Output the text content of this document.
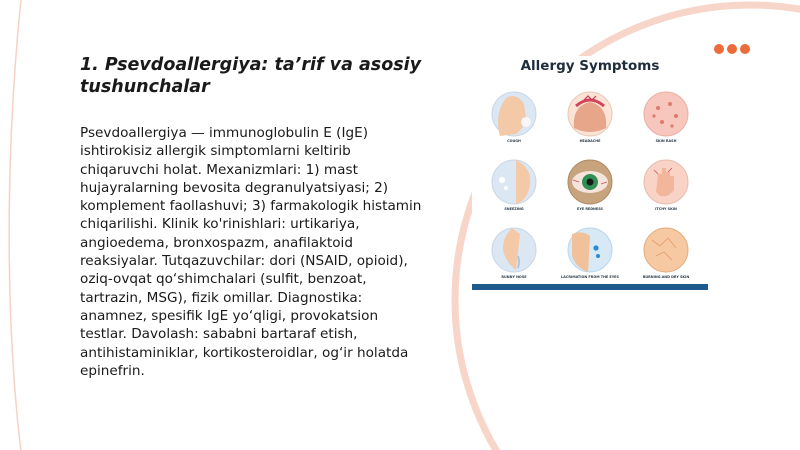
1. Psevdoallergiya: ta’rif va asosiy tushunchalar

Psevdoallergiya — immunoglobulin E (IgE) ishtirokisiz allergik simptomlarni keltirib chiqaruvchi holat. Mexanizmlari: 1) mast hujayralarning bevosita degranulyatsiyasi; 2) komplement faollashuvi; 3) farmakologik histamin chiqarilishi. Klinik ko'rinishlari: urtikariya, angioedema, bronxospazm, anafilaktoid reaksiyalar. Tutqazuvchilar: dori (NSAID, opioid), oziq-ovqat qo‘shimchalari (sulfit, benzoat, tartrazin, MSG), fizik omillar. Diagnostika: anamnez, spesifik IgE yo‘qligi, provokatsion testlar. Davolash: sababni bartaraf etish, antihistaminiklar, kortikosteroidlar, og‘ir holatda epinefrin.

Allergy Symptoms
COUGH	HEADACHE	SKIN RASH
SNEEZING	EYE REDNESS	ITCHY SKIN
RUNNY NOSE	LACRIMATION FROM THE EYES	BURNING AND DRY SKIN
